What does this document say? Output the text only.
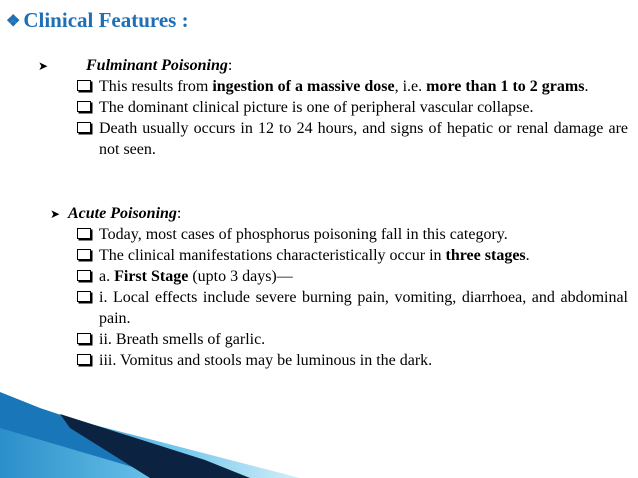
❖ Clinical Features :
➤	Fulminant Poisoning :
This results from ingestion of a massive dose, i.e. more than 1 to 2 grams.
The dominant clinical picture is one of peripheral vascular collapse.
Death usually occurs in 12 to 24 hours, and signs of hepatic or renal damage are not seen.
➤ Acute Poisoning :
Today, most cases of phosphorus poisoning fall in this category.
The clinical manifestations characteristically occur in three stages.
a. First Stage (upto 3 days)—
i. Local effects include severe burning pain, vomiting, diarrhoea, and abdominal pain.
ii. Breath smells of garlic.
iii. Vomitus and stools may be luminous in the dark.
